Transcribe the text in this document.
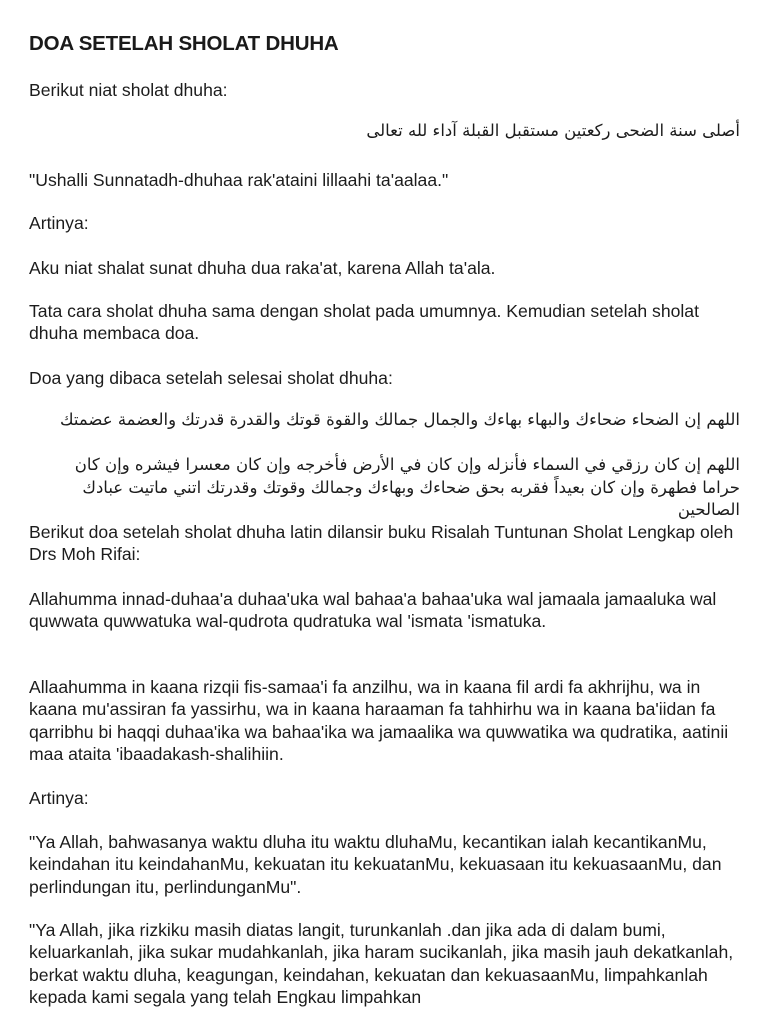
DOA SETELAH SHOLAT DHUHA

Berikut niat sholat dhuha:

أصلى سنة الضحى ركعتين مستقبل القبلة آداء لله تعالى

"Ushalli Sunnatadh-dhuhaa rak'ataini lillaahi ta'aalaa."

Artinya:

Aku niat shalat sunat dhuha dua raka'at, karena Allah ta'ala.

Tata cara sholat dhuha sama dengan sholat pada umumnya. Kemudian setelah sholat dhuha membaca doa.

Doa yang dibaca setelah selesai sholat dhuha:

اللهم إن الضحاء ضحاءك والبهاء بهاءك والجمال جمالك والقوة قوتك والقدرة قدرتك والعضمة عضمتك

اللهم إن كان رزقي في السماء فأنزله وإن كان في الأرض فأخرجه وإن كان معسرا فيشره وإن كان حراما فطهرة وإن كان بعيداً فقربه بحق ضحاءك وبهاءك وجمالك وقوتك وقدرتك اتني ماتيت عبادك الصالحين

Berikut doa setelah sholat dhuha latin dilansir buku Risalah Tuntunan Sholat Lengkap oleh Drs Moh Rifai:

Allahumma innad-duhaa'a duhaa'uka wal bahaa'a bahaa'uka wal jamaala jamaaluka wal quwwata quwwatuka wal-qudrota qudratuka wal 'ismata 'ismatuka.

Allaahumma in kaana rizqii fis-samaa'i fa anzilhu, wa in kaana fil ardi fa akhrijhu, wa in kaana mu'assiran fa yassirhu, wa in kaana haraaman fa tahhirhu wa in kaana ba'iidan fa qarribhu bi haqqi duhaa'ika wa bahaa'ika wa jamaalika wa quwwatika wa qudratika, aatinii maa ataita 'ibaadakash-shalihiin.

Artinya:

"Ya Allah, bahwasanya waktu dluha itu waktu dluhaMu, kecantikan ialah kecantikanMu, keindahan itu keindahanMu, kekuatan itu kekuatanMu, kekuasaan itu kekuasaanMu, dan perlindungan itu, perlindunganMu".

"Ya Allah, jika rizkiku masih diatas langit, turunkanlah .dan jika ada di dalam bumi, keluarkanlah, jika sukar mudahkanlah, jika haram sucikanlah, jika masih jauh dekatkanlah, berkat waktu dluha, keagungan, keindahan, kekuatan dan kekuasaanMu, limpahkanlah kepada kami segala yang telah Engkau limpahkan
